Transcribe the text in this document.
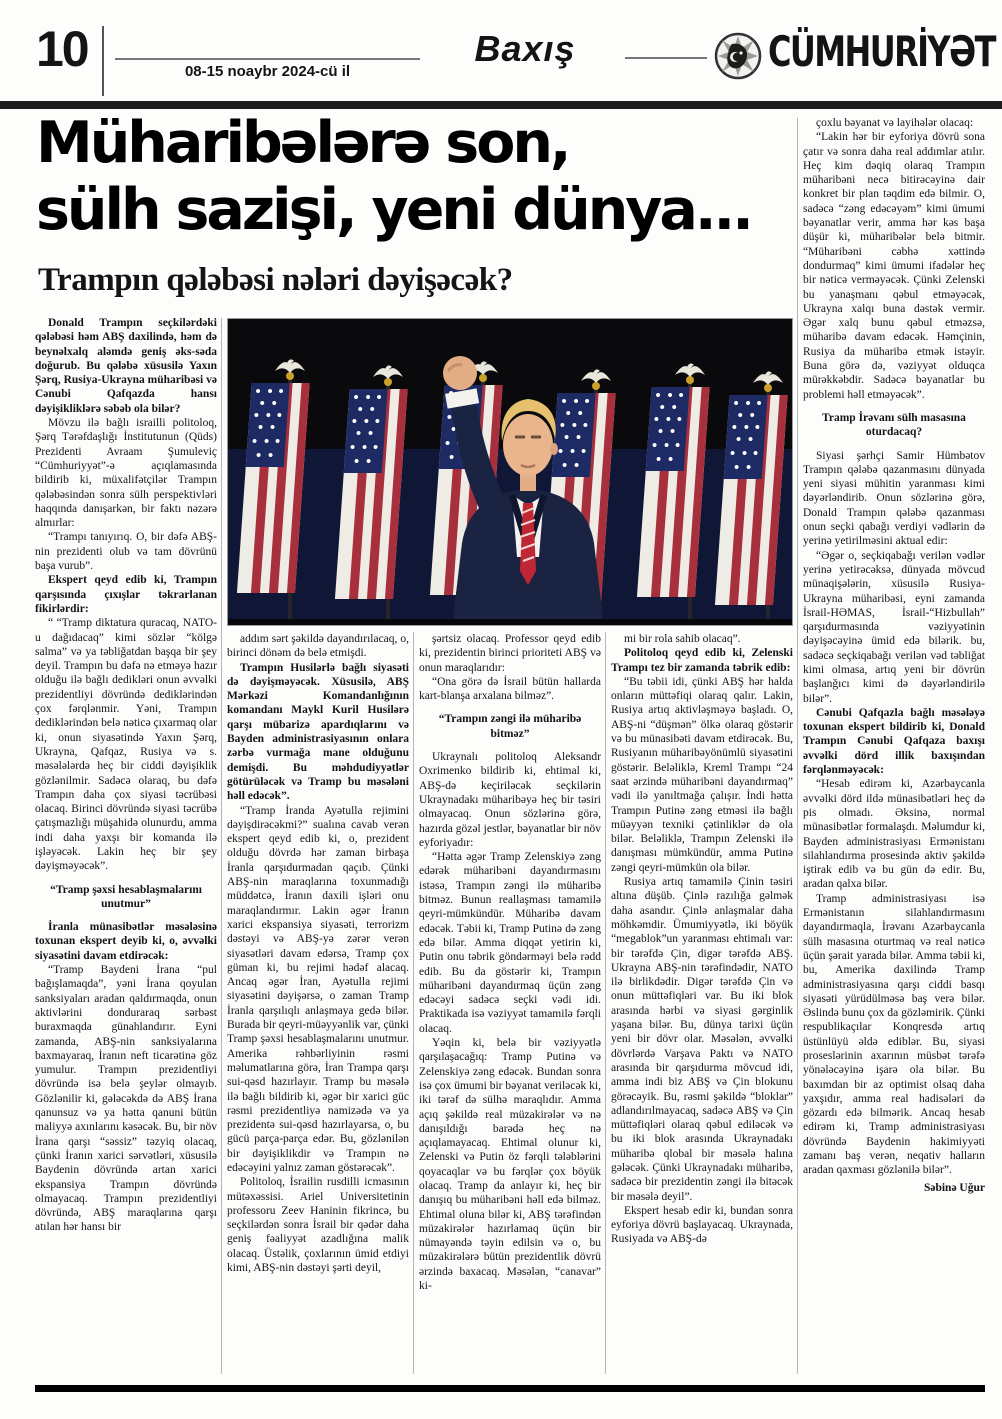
10	08-15 noaybr 2024-cü il
Baxış	CÜMHURİYƏT
Müharibələrə son,
sülh sazişi, yeni dünya...
Trampın qələbəsi nələri dəyişəcək?

Donald Trampın seçkilərdəki qələbəsi həm ABŞ daxilində, həm də beynəlxalq aləmdə geniş əks-səda doğurub. Bu qələbə xüsusilə Yaxın Şərq, Rusiya-Ukrayna müharibəsi və Cənubi Qafqazda hansı dəyişikliklərə səbəb ola bilər?

Mövzu ilə bağlı israilli politoloq, Şərq Tərəfdaşlığı İnstitutunun (Qüds) Prezidenti Avraam Şumuleviç “Cümhuriyyət”-ə açıqlamasında bildirib ki, müxalifətçilər Trampın qələbəsindən sonra sülh perspektivləri haqqında danışarkən, bir faktı nəzərə almırlar:

“Trampı tanıyırıq. O, bir dəfə ABŞ-nin prezidenti olub və tam dövrünü başa vurub”.

Ekspert qeyd edib ki, Trampın qarşısında çıxışlar təkrarlanan fikirlərdir:

“ “Tramp diktatura quracaq, NATO-u dağıdacaq” kimi sözlər “kölgə salma” və ya təbliğatdan başqa bir şey deyil. Trampın bu dəfə nə etməyə hazır olduğu ilə bağlı dedikləri onun əvvəlki prezidentliyi dövründə dediklərindən çox fərqlənmir. Yəni, Trampın dediklərindən belə nəticə çıxarmaq olar ki, onun siyasətində Yaxın Şərq, Ukrayna, Qafqaz, Rusiya və s. məsələlərdə heç bir ciddi dəyişiklik gözlənilmir. Sadəcə olaraq, bu dəfə Trampın daha çox siyasi təcrübəsi olacaq. Birinci dövründə siyasi təcrübə çatışmazlığı müşahidə olunurdu, amma indi daha yaxşı bir komanda ilə işləyəcək. Lakin heç bir şey dəyişməyəcək”.

“Tramp şəxsi hesablaşmalarını unutmur”

İranla münasibətlər məsələsinə toxunan ekspert deyib ki, o, əvvəlki siyasətini davam etdirəcək:

“Tramp Baydeni İrana “pul bağışlamaqda”, yəni İrana qoyulan sanksiyaları aradan qaldırmaqda, onun aktivlərini donduraraq sərbəst buraxmaqda günahlandırır. Eyni zamanda, ABŞ-nin sanksiyalarına baxmayaraq, İranın neft ticarətinə göz yumulur. Trampın prezidentliyi dövründə isə belə şeylər olmayıb. Gözlənilir ki, gələcəkdə də ABŞ İrana qanunsuz və ya hətta qanuni bütün maliyyə axınlarını kəsəcək. Bu, bir növ İrana qarşı “səssiz” təzyiq olacaq, çünki İranın xarici sərvətləri, xüsusilə Baydenin dövründə artan xarici ekspansiya Trampın dövründə olmayacaq. Trampın prezidentliyi dövründə, ABŞ maraqlarına qarşı atılan hər hansı bir

addım sərt şəkildə dayandırılacaq, o, birinci dönəm də belə etmişdi.

Trampın Husilərlə bağlı siyasəti də dəyişməyəcək. Xüsusilə, ABŞ Mərkəzi Komandanlığının komandanı Maykl Kuril Husilərə qarşı mübarizə apardıqlarını və Bayden administrasiyasının onlara zərbə vurmağa mane olduğunu demişdi. Bu məhdudiyyətlər götürüləcək və Tramp bu məsələni həll edəcək”.

“Tramp İranda Ayətulla rejimini dəyişdirəcəkmi?” sualına cavab verən ekspert qeyd edib ki, o, prezident olduğu dövrdə hər zaman birbaşa İranla qarşıdurmadan qaçıb. Çünki ABŞ-nin maraqlarına toxunmadığı müddətcə, İranın daxili işləri onu maraqlandırmır. Lakin əgər İranın xarici ekspansiya siyasəti, terrorizm dəstəyi və ABŞ-yə zərər verən siyasətləri davam edərsə, Tramp çox güman ki, bu rejimi hədəf alacaq. Ancaq əgər İran, Ayətulla rejimi siyasətini dəyişərsə, o zaman Tramp İranla qarşılıqlı anlaşmaya gedə bilər. Burada bir qeyri-müəyyənlik var, çünki Tramp şəxsi hesablaşmalarını unutmur. Amerika rəhbərliyinin rəsmi məlumatlarına görə, İran Trampa qarşı sui-qəsd hazırlayır. Tramp bu məsələ ilə bağlı bildirib ki, əgər bir xarici güc rəsmi prezidentliyə namizədə və ya prezidentə sui-qəsd hazırlayarsa, o, bu gücü parça-parça edər. Bu, gözlənilən bir dəyişiklikdir və Trampın nə edəcəyini yalnız zaman göstərəcək”.

Politoloq, İsrailin rusdilli icmasının mütəxəssisi. Ariel Universitetinin professoru Zeev Haninin fikrincə, bu seçkilərdən sonra İsrail bir qədər daha geniş fəaliyyət azadlığına malik olacaq. Üstəlik, çoxlarının ümid etdiyi kimi, ABŞ-nin dəstəyi şərti deyil,

şərtsiz olacaq. Professor qeyd edib ki, prezidentin birinci prioriteti ABŞ və onun maraqlarıdır:

“Ona görə də İsrail bütün hallarda kart-blanşa arxalana bilməz”.

“Trampın zəngi ilə müharibə bitməz”

Ukraynalı politoloq Aleksandr Oxrimenko bildirib ki, ehtimal ki, ABŞ-də keçiriləcək seçkilərin Ukraynadakı müharibəyə heç bir təsiri olmayacaq. Onun sözlərinə görə, hazırda gözəl jestlər, bəyanatlar bir növ eyforiyadır:

“Hətta əgər Tramp Zelenskiyə zəng edərək müharibəni dayandırmasını istəsə, Trampın zəngi ilə müharibə bitməz. Bunun reallaşması tamamilə qeyri-mümkündür. Müharibə davam edəcək. Təbii ki, Tramp Putinə də zəng edə bilər. Amma diqqət yetirin ki, Putin onu təbrik göndərməyi belə rədd edib. Bu da göstərir ki, Trampın müharibəni dayandırmaq üçün zəng edəcəyi sadəcə seçki vədi idi. Praktikada isə vəziyyət tamamilə fərqli olacaq.

Yəqin ki, belə bir vəziyyətlə qarşılaşacağıq: Tramp Putinə və Zelenskiyə zəng edəcək. Bundan sonra isə çox ümumi bir bəyanat veriləcək ki, iki tərəf də sülhə maraqlıdır. Amma açıq şəkildə real müzakirələr və nə danışıldığı barədə heç nə açıqlamayacaq. Ehtimal olunur ki, Zelenski və Putin öz fərqli tələblərini qoyacaqlar və bu fərqlər çox böyük olacaq. Tramp da anlayır ki, heç bir danışıq bu müharibəni həll edə bilməz. Ehtimal oluna bilər ki, ABŞ tərəfindən müzakirələr hazırlamaq üçün bir nümayəndə təyin edilsin və o, bu müzakirələrə bütün prezidentlik dövrü ərzində baxacaq. Məsələn, “canavar” ki-

mi bir rola sahib olacaq”.

Politoloq qeyd edib ki, Zelenski Trampı tez bir zamanda təbrik edib:

“Bu təbii idi, çünki ABŞ hər halda onların müttəfiqi olaraq qalır. Lakin, Rusiya artıq aktivləşməyə başladı. O, ABŞ-ni “düşmən” ölkə olaraq göstərir və bu münasibəti davam etdirəcək. Bu, Rusiyanın müharibəyönümlü siyasətini göstərir. Beləliklə, Kreml Trampı “24 saat ərzində müharibəni dayandırmaq” vədi ilə yanıltmağa çalışır. İndi hətta Trampın Putinə zəng etməsi ilə bağlı müəyyən texniki çətinliklər də ola bilər. Beləliklə, Trampın Zelenski ilə danışması mümkündür, amma Putinə zəngi qeyri-mümkün ola bilər.

Rusiya artıq tamamilə Çinin təsiri altına düşüb. Çinlə razılığa gəlmək daha asandır. Çinlə anlaşmalar daha möhkəmdir. Ümumiyyətlə, iki böyük “megablok”un yaranması ehtimalı var: bir tərəfdə Çin, digər tərəfdə ABŞ. Ukrayna ABŞ-nin tərəfindədir, NATO ilə birlikdədir. Digər tərəfdə Çin və onun müttəfiqləri var. Bu iki blok arasında hərbi və siyasi gərginlik yaşana bilər. Bu, dünya tarixi üçün yeni bir dövr olar. Məsələn, əvvəlki dövrlərdə Varşava Paktı və NATO arasında bir qarşıdurma mövcud idi, amma indi biz ABŞ və Çin blokunu görəcəyik. Bu, rəsmi şəkildə “bloklar” adlandırılmayacaq, sadəcə ABŞ və Çin müttəfiqləri olaraq qəbul ediləcək və bu iki blok arasında Ukraynadakı müharibə qlobal bir məsələ halına gələcək. Çünki Ukraynadakı müharibə, sadəcə bir prezidentin zəngi ilə bitəcək bir məsələ deyil”.

Ekspert hesab edir ki, bundan sonra eyforiya dövrü başlayacaq. Ukraynada, Rusiyada və ABŞ-də

çoxlu bəyanat və layihələr olacaq:

“Lakin hər bir eyforiya dövrü sona çatır və sonra daha real addımlar atılır. Heç kim dəqiq olaraq Trampın müharibəni necə bitirəcəyinə dair konkret bir plan təqdim edə bilmir. O, sadəcə “zəng edəcəyəm” kimi ümumi bəyanatlar verir, amma hər kəs başa düşür ki, müharibələr belə bitmir. “Müharibəni cəbhə xəttində dondurmaq” kimi ümumi ifadələr heç bir nəticə verməyəcək. Çünki Zelenski bu yanaşmanı qəbul etməyəcək, Ukrayna xalqı buna dəstək vermir. Əgər xalq bunu qəbul etməzsə, müharibə davam edəcək. Həmçinin, Rusiya da müharibə etmək istəyir. Buna görə də, vəziyyət olduqca mürəkkəbdir. Sadəcə bəyanatlar bu problemi həll etməyəcək”.

Tramp İrəvanı sülh masasına oturdacaq?

Siyasi şərhçi Samir Hümbətov Trampın qələbə qazanmasını dünyada yeni siyasi mühitin yaranması kimi dəyərləndirib. Onun sözlərinə görə, Donald Trampın qələbə qazanması onun seçki qabağı verdiyi vədlərin də yerinə yetirilməsini aktual edir:

“Əgər o, seçkiqabağı verilən vədlər yerinə yetirəcəksə, dünyada mövcud münaqişələrin, xüsusilə Rusiya-Ukrayna müharibəsi, eyni zamanda İsrail-HƏMAS, İsrail-“Hizbullah” qarşıdurmasında vəziyyətinin dəyişəcəyinə ümid edə bilərik. bu, sadəcə seçkiqabağı verilən vəd təbliğat kimi olmasa, artıq yeni bir dövrün başlanğıcı kimi də dəyərləndirilə bilər”.

Cənubi Qafqazla bağlı məsələyə toxunan ekspert bildirib ki, Donald Trampın Cənubi Qafqaza baxışı əvvəlki dörd illik baxışından fərqlənməyəcək:

“Hesab edirəm ki, Azərbaycanla əvvəlki dörd ildə münasibətləri heç də pis olmadı. Əksinə, normal münasibətlər formalaşdı. Məlumdur ki, Bayden administrasiyası Ermənistanı silahlandırma prosesində aktiv şəkildə iştirak edib və bu gün də edir. Bu, aradan qalxa bilər.

Tramp administrasiyası isə Ermənistanın silahlandırmasını dayandırmaqla, İrəvanı Azərbaycanla sülh masasına oturtmaq və real nəticə üçün şərait yarada bilər. Amma təbii ki, bu, Amerika daxilində Tramp administrasiyasına qarşı ciddi basqı siyasəti yürüdülməsə baş verə bilər. Əslində bunu çox da gözləmirik. Çünki respublikaçılar Konqresdə artıq üstünlüyü əldə ediblər. Bu, siyasi proseslərinin axarının müsbət tərəfə yönələcəyinə işarə ola bilər. Bu baxımdan bir az optimist olsaq daha yaxşıdır, amma real hadisələri də gözardı edə bilmərik. Ancaq hesab edirəm ki, Tramp administrasiyası dövründə Baydenin hakimiyyəti zamanı baş verən, neqativ halların aradan qaxması gözlənilə bilər”.

Səbinə Uğur
